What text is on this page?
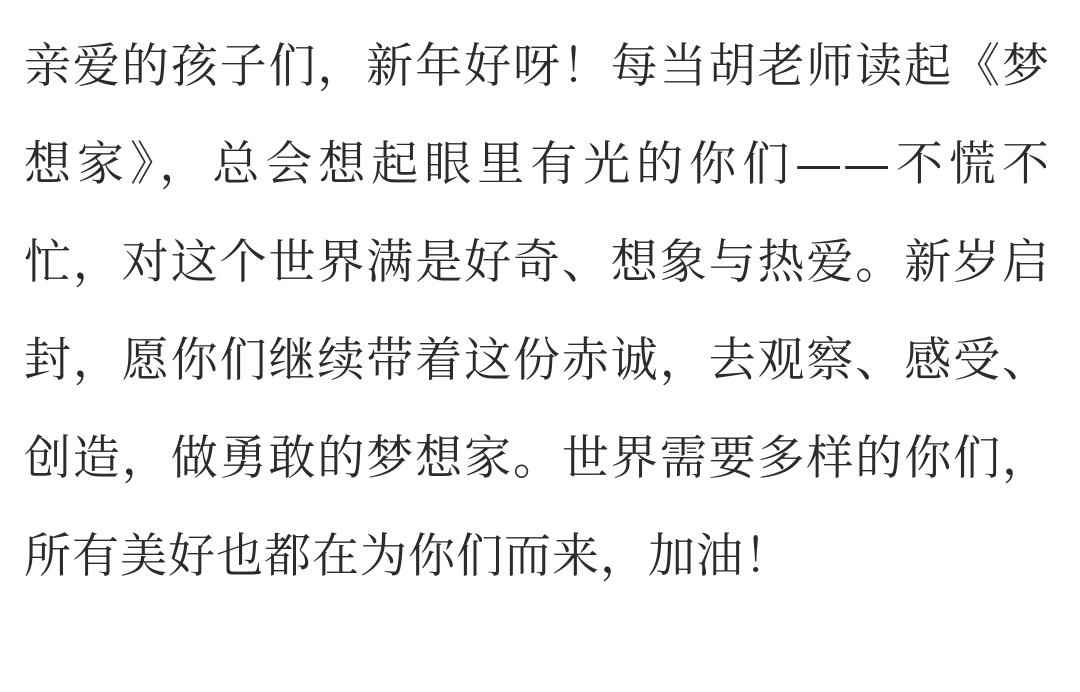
亲爱的孩子们，新年好呀！每当胡老师读起《梦想家》，总会想起眼里有光的你们——不慌不忙，对这个世界满是好奇、想象与热爱。新岁启封，愿你们继续带着这份赤诚，去观察、感受、创造，做勇敢的梦想家。世界需要多样的你们，所有美好也都在为你们而来，加油！
